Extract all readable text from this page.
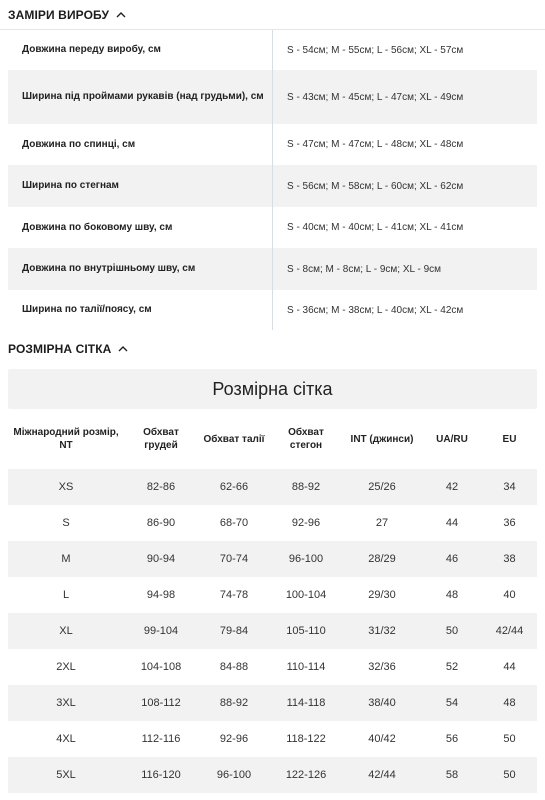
ЗАМІРИ ВИРОБУ
Довжина переду виробу, см	S - 54см; M - 55см; L - 56см; XL - 57см
Ширина під проймами рукавів (над грудьми), см	S - 43см; M - 45см; L - 47см; XL - 49см
Довжина по спинці, см	S - 47см; M - 47см; L - 48см; XL - 48см
Ширина по стегнам	S - 56см; M - 58см; L - 60см; XL - 62см
Довжина по боковому шву, см	S - 40см; M - 40см; L - 41см; XL - 41см
Довжина по внутрішньому шву, см	S - 8см; M - 8см; L - 9см; XL - 9см
Ширина по талії/поясу, см	S - 36см; M - 38см; L - 40см; XL - 42см
РОЗМІРНА СІТКА
Розмірна сітка
Міжнародний розмір, NT	Обхват грудей	Обхват талії	Обхват стегон	INT (джинси)	UA/RU	EU
XS	82-86	62-66	88-92	25/26	42	34
S	86-90	68-70	92-96	27	44	36
M	90-94	70-74	96-100	28/29	46	38
L	94-98	74-78	100-104	29/30	48	40
XL	99-104	79-84	105-110	31/32	50	42/44
2XL	104-108	84-88	110-114	32/36	52	44
3XL	108-112	88-92	114-118	38/40	54	48
4XL	112-116	92-96	118-122	40/42	56	50
5XL	116-120	96-100	122-126	42/44	58	50
